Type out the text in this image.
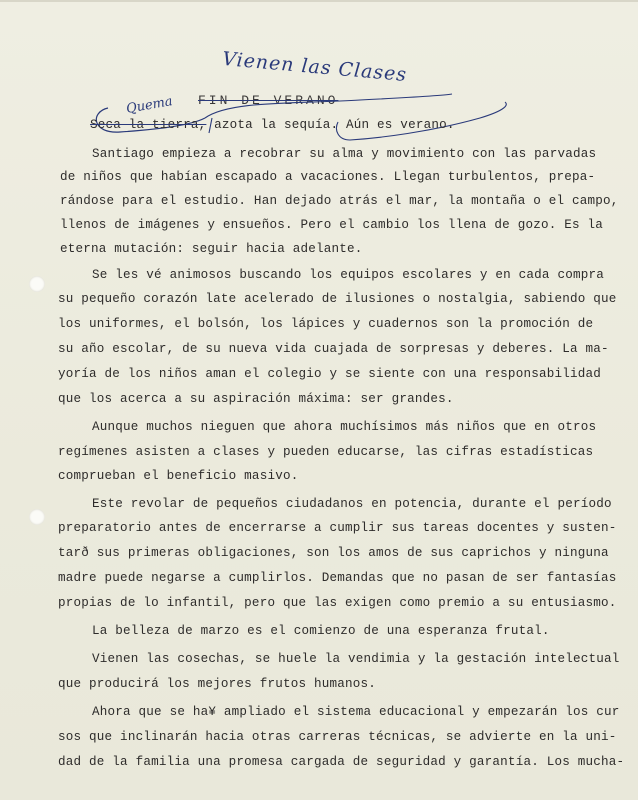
Vienen las Clases
FIN DE VERANO
Quema
Seca la tierra, azota la sequía. Aún es verano.
Santiago empieza a recobrar su alma y movimiento con las parvadas
de niños que habían escapado a vacaciones. Llegan turbulentos, prepa-
rándose para el estudio. Han dejado atrás el mar, la montaña o el campo,
llenos de imágenes y ensueños. Pero el cambio los llena de gozo. Es la
eterna mutación: seguir hacia adelante.
Se les vé animosos buscando los equipos escolares y en cada compra
su pequeño corazón late acelerado de ilusiones o nostalgia, sabiendo que
los uniformes, el bolsón, los lápices y cuadernos son la promoción de
su año escolar, de su nueva vida cuajada de sorpresas y deberes. La ma-
yoría de los niños aman el colegio y se siente con una responsabilidad
que los acerca a su aspiración máxima: ser grandes.
Aunque muchos nieguen que ahora muchísimos más niños que en otros
regímenes asisten a clases y pueden educarse, las cifras estadísticas
comprueban el beneficio masivo.
Este revolar de pequeños ciudadanos en potencia, durante el período
preparatorio antes de encerrarse a cumplir sus tareas docentes y susten-
tarð sus primeras obligaciones, son los amos de sus caprichos y ninguna
madre puede negarse a cumplirlos. Demandas que no pasan de ser fantasías
propias de lo infantil, pero que las exigen como premio a su entusiasmo.
La belleza de marzo es el comienzo de una esperanza frutal.
Vienen las cosechas, se huele la vendimia y la gestación intelectual
que producirá los mejores frutos humanos.
Ahora que se ha¥ ampliado el sistema educacional y empezarán los cur
sos que inclinarán hacia otras carreras técnicas, se advierte en la uni-
dad de la familia una promesa cargada de seguridad y garantía. Los mucha-
